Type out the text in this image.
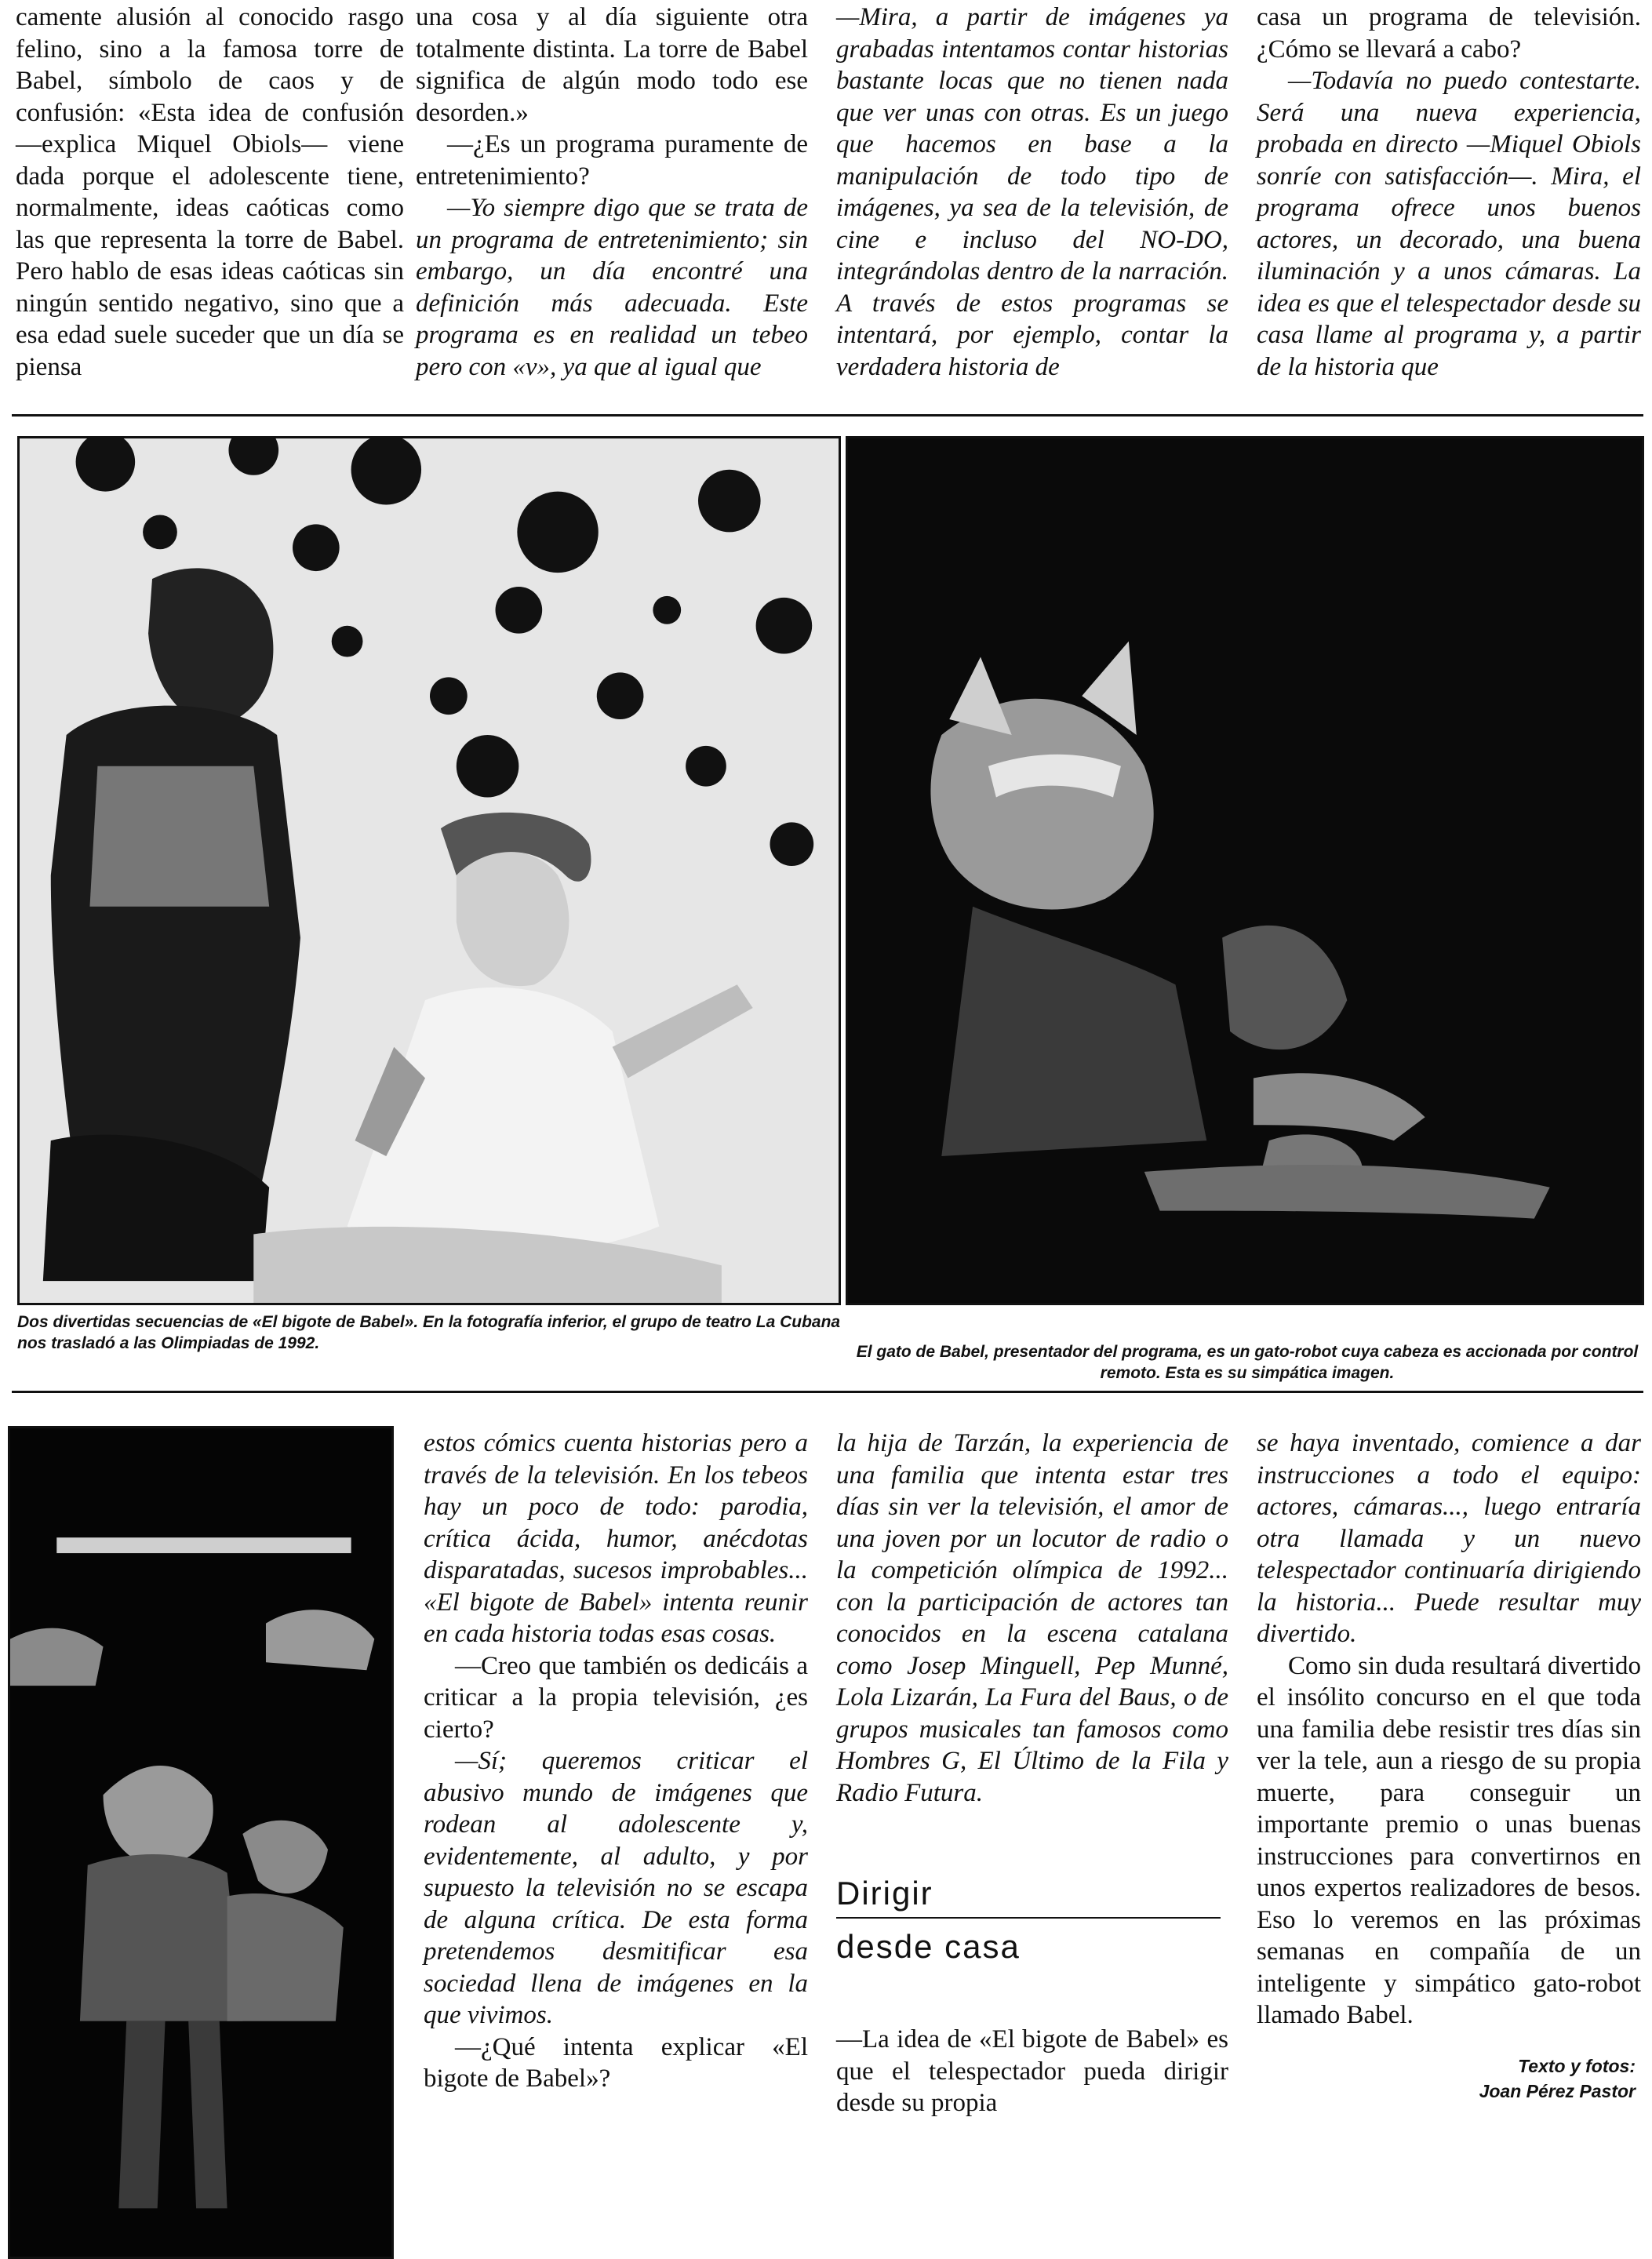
camente alusión al conocido rasgo felino, sino a la famosa torre de Babel, símbolo de caos y de confusión: «Esta idea de confusión —explica Miquel Obiols— viene dada porque el adolescente tiene, normalmente, ideas caóticas como las que representa la torre de Babel. Pero hablo de esas ideas caóticas sin ningún sentido negativo, sino que a esa edad suele suceder que un día se piensa

una cosa y al día siguiente otra totalmente distinta. La torre de Babel significa de algún modo todo ese desorden.»

—¿Es un programa puramente de entretenimiento?

—Yo siempre digo que se trata de un programa de entretenimiento; sin embargo, un día encontré una definición más adecuada. Este programa es en realidad un tebeo pero con «v», ya que al igual que

—Mira, a partir de imágenes ya grabadas intentamos contar historias bastante locas que no tienen nada que ver unas con otras. Es un juego que hacemos en base a la manipulación de todo tipo de imágenes, ya sea de la televisión, de cine e incluso del NO-DO, integrándolas dentro de la narración. A través de estos programas se intentará, por ejemplo, contar la verdadera historia de

casa un programa de televisión. ¿Cómo se llevará a cabo?

—Todavía no puedo contestarte. Será una nueva experiencia, probada en directo —Miquel Obiols sonríe con satisfacción—. Mira, el programa ofrece unos buenos actores, un decorado, una buena iluminación y a unos cámaras. La idea es que el telespectador desde su casa llame al programa y, a partir de la historia que

Dos divertidas secuencias de «El bigote de Babel». En la fotografía inferior, el grupo de teatro La Cubana nos trasladó a las Olimpiadas de 1992.	El gato de Babel, presentador del programa, es un gato-robot cuya cabeza es accionada por control remoto. Esta es su simpática imagen.

estos cómics cuenta historias pero a través de la televisión. En los tebeos hay un poco de todo: parodia, crítica ácida, humor, anécdotas disparatadas, sucesos improbables... «El bigote de Babel» intenta reunir en cada historia todas esas cosas.

—Creo que también os dedicáis a criticar a la propia televisión, ¿es cierto?

—Sí; queremos criticar el abusivo mundo de imágenes que rodean al adolescente y, evidentemente, al adulto, y por supuesto la televisión no se escapa de alguna crítica. De esta forma pretendemos desmitificar esa sociedad llena de imágenes en la que vivimos.

—¿Qué intenta explicar «El bigote de Babel»?

la hija de Tarzán, la experiencia de una familia que intenta estar tres días sin ver la televisión, el amor de una joven por un locutor de radio o la competición olímpica de 1992... con la participación de actores tan conocidos en la escena catalana como Josep Minguell, Pep Munné, Lola Lizarán, La Fura del Baus, o de grupos musicales tan famosos como Hombres G, El Último de la Fila y Radio Futura.

Dirigir
desde casa

—La idea de «El bigote de Babel» es que el telespectador pueda dirigir desde su propia

se haya inventado, comience a dar instrucciones a todo el equipo: actores, cámaras..., luego entraría otra llamada y un nuevo telespectador continuaría dirigiendo la historia... Puede resultar muy divertido.

Como sin duda resultará divertido el insólito concurso en el que toda una familia debe resistir tres días sin ver la tele, aun a riesgo de su propia muerte, para conseguir un importante premio o unas buenas instrucciones para convertirnos en unos expertos realizadores de besos. Eso lo veremos en las próximas semanas en compañía de un inteligente y simpático gato-robot llamado Babel.

Texto y fotos:
Joan Pérez Pastor
